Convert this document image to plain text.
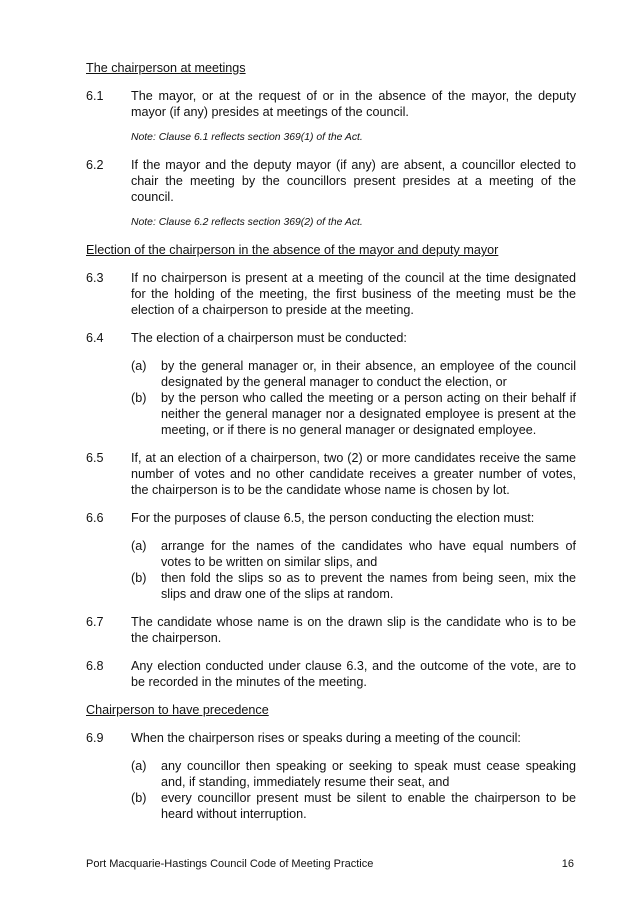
The chairperson at meetings
6.1	The mayor, or at the request of or in the absence of the mayor, the deputy mayor (if any) presides at meetings of the council.
Note: Clause 6.1 reflects section 369(1) of the Act.
6.2	If the mayor and the deputy mayor (if any) are absent, a councillor elected to chair the meeting by the councillors present presides at a meeting of the council.
Note: Clause 6.2 reflects section 369(2) of the Act.
Election of the chairperson in the absence of the mayor and deputy mayor
6.3	If no chairperson is present at a meeting of the council at the time designated for the holding of the meeting, the first business of the meeting must be the election of a chairperson to preside at the meeting.
6.4	The election of a chairperson must be conducted:
(a)	by the general manager or, in their absence, an employee of the council designated by the general manager to conduct the election, or
(b)	by the person who called the meeting or a person acting on their behalf if neither the general manager nor a designated employee is present at the meeting, or if there is no general manager or designated employee.
6.5	If, at an election of a chairperson, two (2) or more candidates receive the same number of votes and no other candidate receives a greater number of votes, the chairperson is to be the candidate whose name is chosen by lot.
6.6	For the purposes of clause 6.5, the person conducting the election must:
(a)	arrange for the names of the candidates who have equal numbers of votes to be written on similar slips, and
(b)	then fold the slips so as to prevent the names from being seen, mix the slips and draw one of the slips at random.
6.7	The candidate whose name is on the drawn slip is the candidate who is to be the chairperson.
6.8	Any election conducted under clause 6.3, and the outcome of the vote, are to be recorded in the minutes of the meeting.
Chairperson to have precedence
6.9	When the chairperson rises or speaks during a meeting of the council:
(a)	any councillor then speaking or seeking to speak must cease speaking and, if standing, immediately resume their seat, and
(b)	every councillor present must be silent to enable the chairperson to be heard without interruption.
Port Macquarie-Hastings Council Code of Meeting Practice	16
